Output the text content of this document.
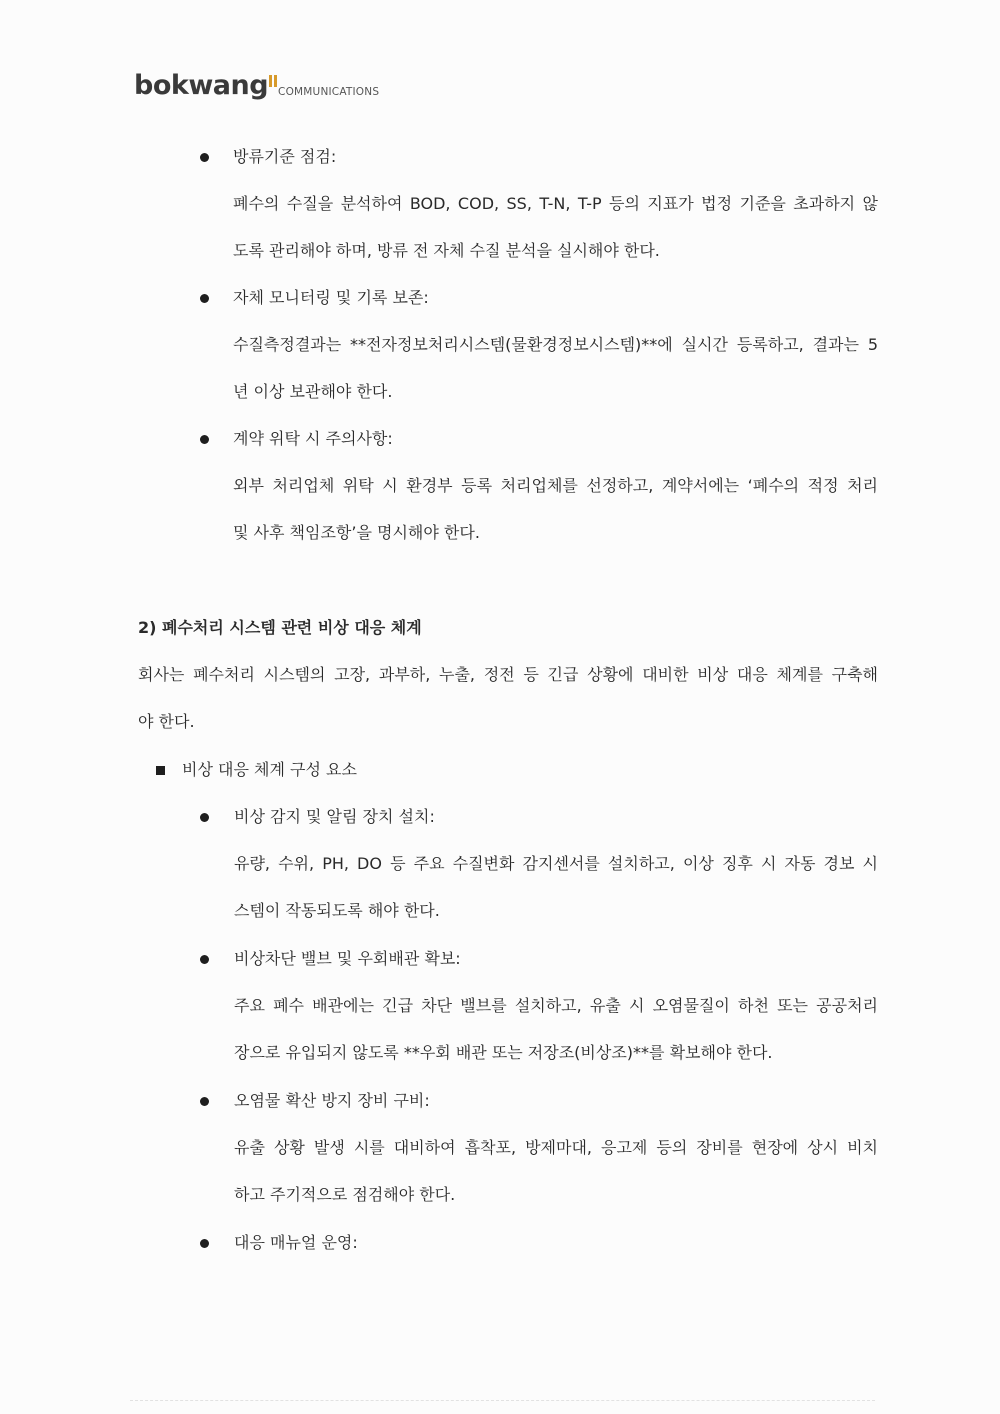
bokwang COMMUNICATIONS
방류기준 점검:
폐수의 수질을 분석하여 BOD, COD, SS, T-N, T-P 등의 지표가 법정 기준을 초과하지 않
도록 관리해야 하며, 방류 전 자체 수질 분석을 실시해야 한다.
자체 모니터링 및 기록 보존:
수질측정결과는 **전자정보처리시스템(물환경정보시스템)**에 실시간 등록하고, 결과는 5
년 이상 보관해야 한다.
계약 위탁 시 주의사항:
외부 처리업체 위탁 시 환경부 등록 처리업체를 선정하고, 계약서에는 ‘폐수의 적정 처리
및 사후 책임조항’을 명시해야 한다.
2) 폐수처리 시스템 관련 비상 대응 체계
회사는 폐수처리 시스템의 고장, 과부하, 누출, 정전 등 긴급 상황에 대비한 비상 대응 체계를 구축해
야 한다.
비상 대응 체계 구성 요소
비상 감지 및 알림 장치 설치:
유량, 수위, PH, DO 등 주요 수질변화 감지센서를 설치하고, 이상 징후 시 자동 경보 시
스템이 작동되도록 해야 한다.
비상차단 밸브 및 우회배관 확보:
주요 폐수 배관에는 긴급 차단 밸브를 설치하고, 유출 시 오염물질이 하천 또는 공공처리
장으로 유입되지 않도록 **우회 배관 또는 저장조(비상조)**를 확보해야 한다.
오염물 확산 방지 장비 구비:
유출 상황 발생 시를 대비하여 흡착포, 방제마대, 응고제 등의 장비를 현장에 상시 비치
하고 주기적으로 점검해야 한다.
대응 매뉴얼 운영:
